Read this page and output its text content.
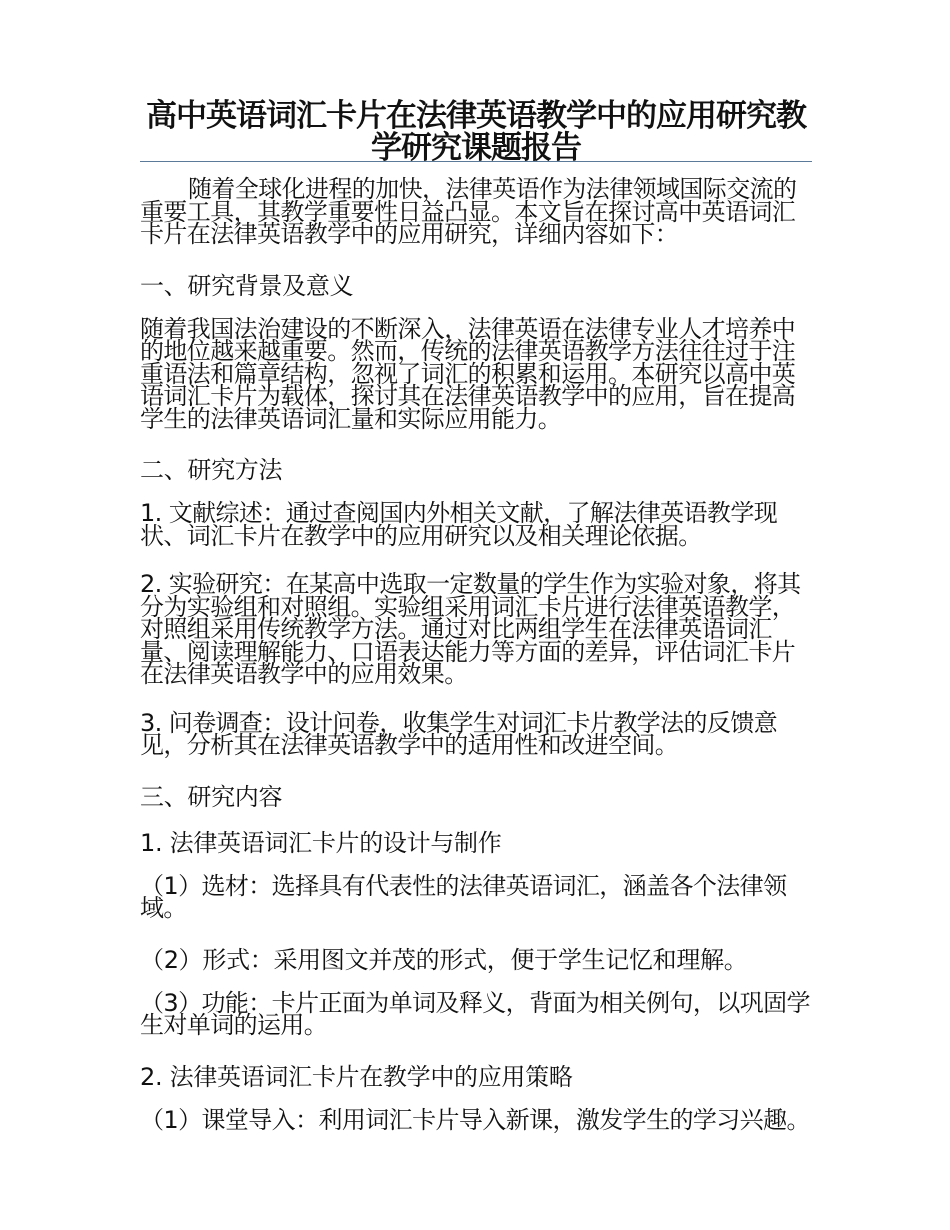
高中英语词汇卡片在法律英语教学中的应用研究教学研究课题报告

随着全球化进程的加快，法律英语作为法律领域国际交流的重要工具，其教学重要性日益凸显。本文旨在探讨高中英语词汇卡片在法律英语教学中的应用研究，详细内容如下：

一、研究背景及意义

随着我国法治建设的不断深入，法律英语在法律专业人才培养中的地位越来越重要。然而，传统的法律英语教学方法往往过于注重语法和篇章结构，忽视了词汇的积累和运用。本研究以高中英语词汇卡片为载体，探讨其在法律英语教学中的应用，旨在提高学生的法律英语词汇量和实际应用能力。

二、研究方法

1. 文献综述：通过查阅国内外相关文献，了解法律英语教学现状、词汇卡片在教学中的应用研究以及相关理论依据。

2. 实验研究：在某高中选取一定数量的学生作为实验对象，将其分为实验组和对照组。实验组采用词汇卡片进行法律英语教学，对照组采用传统教学方法。通过对比两组学生在法律英语词汇量、阅读理解能力、口语表达能力等方面的差异，评估词汇卡片在法律英语教学中的应用效果。

3. 问卷调查：设计问卷，收集学生对词汇卡片教学法的反馈意见，分析其在法律英语教学中的适用性和改进空间。

三、研究内容

1. 法律英语词汇卡片的设计与制作

（1）选材：选择具有代表性的法律英语词汇，涵盖各个法律领域。

（2）形式：采用图文并茂的形式，便于学生记忆和理解。

（3）功能：卡片正面为单词及释义，背面为相关例句，以巩固学生对单词的运用。

2. 法律英语词汇卡片在教学中的应用策略

（1）课堂导入：利用词汇卡片导入新课，激发学生的学习兴趣。
